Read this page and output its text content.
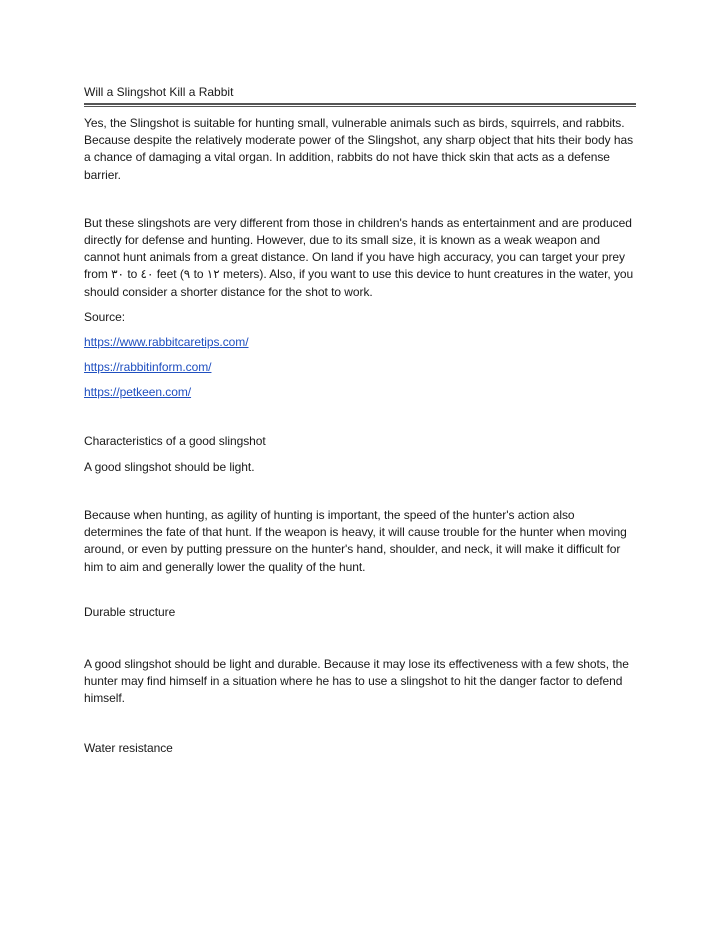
Will a Slingshot Kill a Rabbit

Yes, the Slingshot is suitable for hunting small, vulnerable animals such as birds, squirrels, and rabbits. Because despite the relatively moderate power of the Slingshot, any sharp object that hits their body has a chance of damaging a vital organ. In addition, rabbits do not have thick skin that acts as a defense barrier.

But these slingshots are very different from those in children's hands as entertainment and are produced directly for defense and hunting. However, due to its small size, it is known as a weak weapon and cannot hunt animals from a great distance. On land if you have high accuracy, you can target your prey from ٣٠ to ٤٠ feet (٩ to ١٢ meters). Also, if you want to use this device to hunt creatures in the water, you should consider a shorter distance for the shot to work.

Source:

https://www.rabbitcaretips.com/

https://rabbitinform.com/

https://petkeen.com/

Characteristics of a good slingshot

A good slingshot should be light.

Because when hunting, as agility of hunting is important, the speed of the hunter's action also determines the fate of that hunt. If the weapon is heavy, it will cause trouble for the hunter when moving around, or even by putting pressure on the hunter's hand, shoulder, and neck, it will make it difficult for him to aim and generally lower the quality of the hunt.

Durable structure

A good slingshot should be light and durable. Because it may lose its effectiveness with a few shots, the hunter may find himself in a situation where he has to use a slingshot to hit the danger factor to defend himself.

Water resistance
